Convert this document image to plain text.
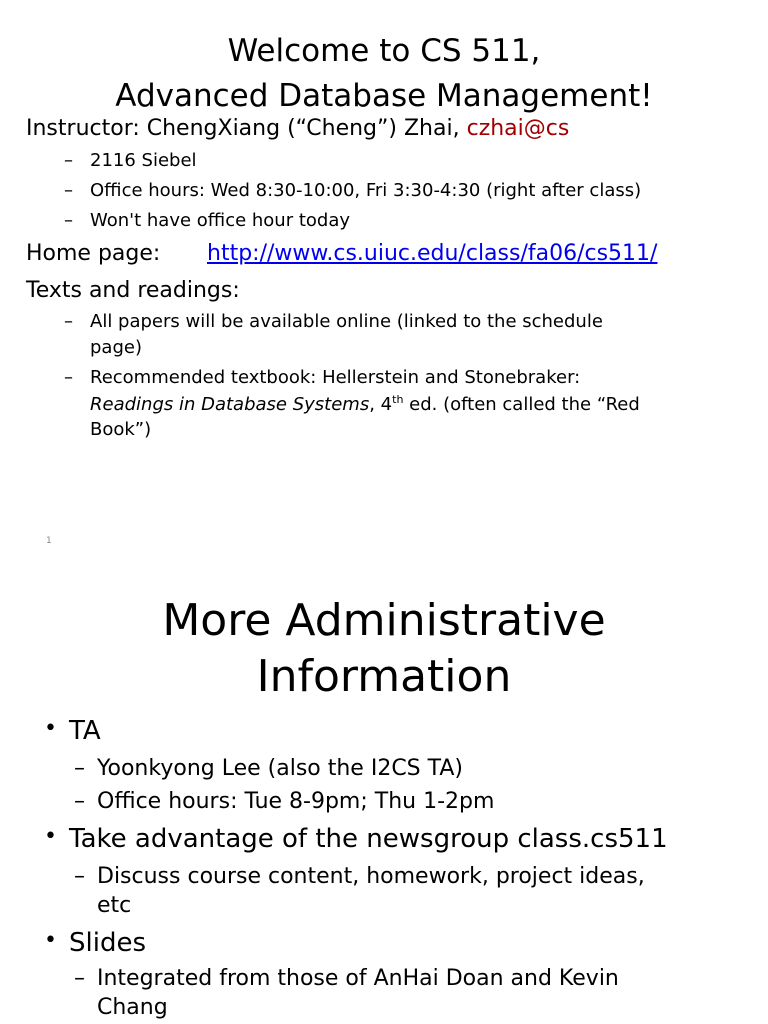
Welcome to CS 511,
Advanced Database Management!
Instructor: ChengXiang (“Cheng”) Zhai, czhai@cs
– 2116 Siebel
– Office hours: Wed 8:30-10:00, Fri 3:30-4:30 (right after class)
– Won't have office hour today
Home page: http://www.cs.uiuc.edu/class/fa06/cs511/
Texts and readings:
– All papers will be available online (linked to the schedule
page)
– Recommended textbook: Hellerstein and Stonebraker:
Readings in Database Systems, 4th ed. (often called the “Red
Book”)
1
More Administrative
Information
• TA
– Yoonkyong Lee (also the I2CS TA)
– Office hours: Tue 8-9pm; Thu 1-2pm
• Take advantage of the newsgroup class.cs511
– Discuss course content, homework, project ideas,
etc
• Slides
– Integrated from those of AnHai Doan and Kevin
Chang
